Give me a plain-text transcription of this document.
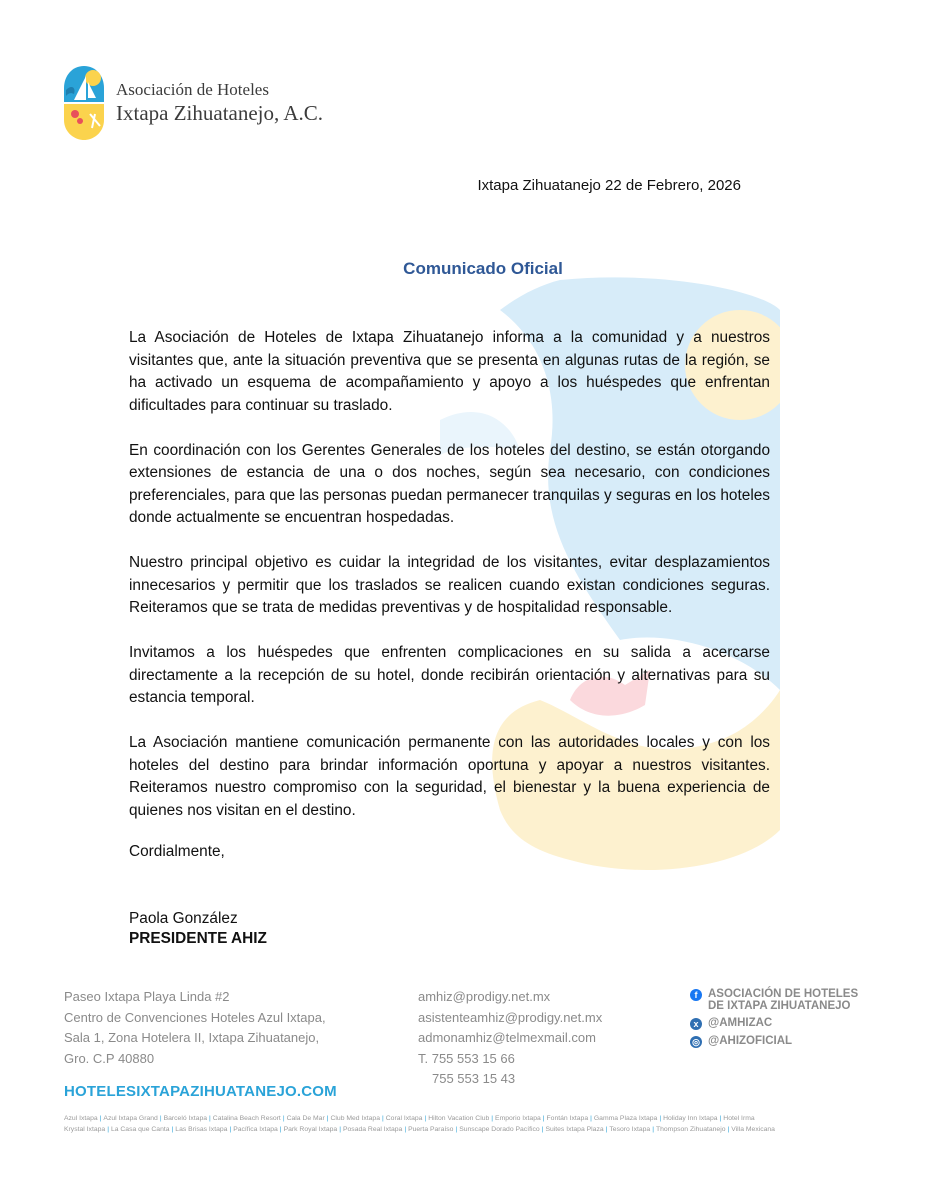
Asociación de Hoteles
Ixtapa Zihuatanejo, A.C.
Ixtapa Zihuatanejo 22 de Febrero, 2026
Comunicado Oficial

La Asociación de Hoteles de Ixtapa Zihuatanejo informa a la comunidad y a nuestros visitantes que, ante la situación preventiva que se presenta en algunas rutas de la región, se ha activado un esquema de acompañamiento y apoyo a los huéspedes que enfrentan dificultades para continuar su traslado.

En coordinación con los Gerentes Generales de los hoteles del destino, se están otorgando extensiones de estancia de una o dos noches, según sea necesario, con condiciones preferenciales, para que las personas puedan permanecer tranquilas y seguras en los hoteles donde actualmente se encuentran hospedadas.

Nuestro principal objetivo es cuidar la integridad de los visitantes, evitar desplazamientos innecesarios y permitir que los traslados se realicen cuando existan condiciones seguras. Reiteramos que se trata de medidas preventivas y de hospitalidad responsable.

Invitamos a los huéspedes que enfrenten complicaciones en su salida a acercarse directamente a la recepción de su hotel, donde recibirán orientación y alternativas para su estancia temporal.

La Asociación mantiene comunicación permanente con las autoridades locales y con los hoteles del destino para brindar información oportuna y apoyar a nuestros visitantes. Reiteramos nuestro compromiso con la seguridad, el bienestar y la buena experiencia de quienes nos visitan en el destino.

Cordialmente,
Paola González
PRESIDENTE AHIZ
Paseo Ixtapa Playa Linda #2
Centro de Convenciones Hoteles Azul Ixtapa,
Sala 1, Zona Hotelera II, Ixtapa Zihuatanejo,
Gro. C.P 40880
amhiz@prodigy.net.mx
asistenteamhiz@prodigy.net.mx
admonamhiz@telmexmail.com
T. 755 553 15 66
755 553 15 43
f ASOCIACIÓN DE HOTELES
DE IXTAPA ZIHUATANEJO
x @AMHIZAC
◎ @AHIZOFICIAL
HOTELESIXTAPAZIHUATANEJO.COM
Azul Ixtapa | Azul Ixtapa Grand | Barceló Ixtapa | Catalina Beach Resort | Cala De Mar | Club Med Ixtapa | Coral Ixtapa | Hilton Vacation Club | Emporio Ixtapa | Fontán Ixtapa | Gamma Plaza Ixtapa | Holiday Inn Ixtapa | Hotel Irma
Krystal Ixtapa | La Casa que Canta | Las Brisas Ixtapa | Pacífica Ixtapa | Park Royal Ixtapa | Posada Real Ixtapa | Puerta Paraíso | Sunscape Dorado Pacífico | Suites Ixtapa Plaza | Tesoro Ixtapa | Thompson Zihuatanejo | Villa Mexicana
